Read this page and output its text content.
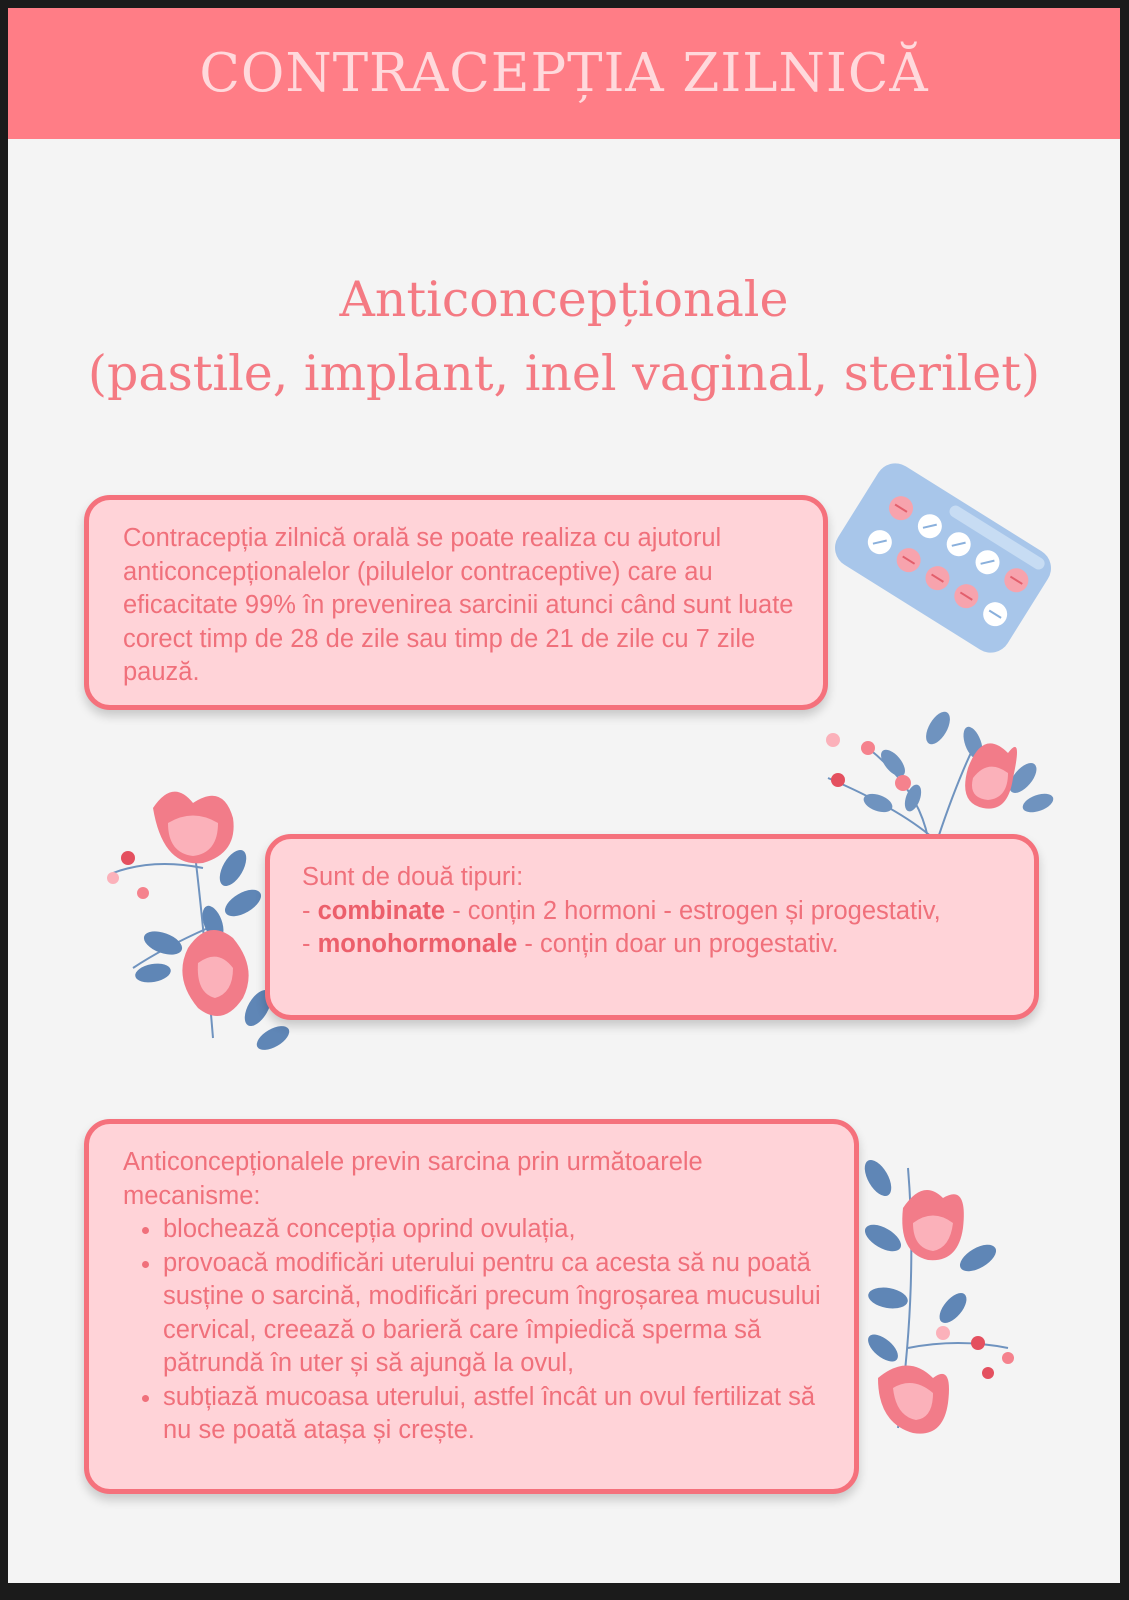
CONTRACEPȚIA ZILNICĂ
Anticoncepționale
(pastile, implant, inel vaginal, sterilet)

Contracepția zilnică orală se poate realiza cu ajutorul anticoncepționalelor (pilulelor contraceptive) care au eficacitate 99% în prevenirea sarcinii atunci când sunt luate corect timp de 28 de zile sau timp de 21 de zile cu 7 zile pauză.

Sunt de două tipuri:

- combinate - conțin 2 hormoni - estrogen și progestativ,

- monohormonale - conțin doar un progestativ.

Anticoncepționalele previn sarcina prin următoarele mecanisme:

• blochează concepția oprind ovulația,
• provoacă modificări uterului pentru ca acesta să nu poată susține o sarcină, modificări precum îngroșarea mucusului cervical, creează o barieră care împiedică sperma să pătrundă în uter și să ajungă la ovul,
• subțiază mucoasa uterului, astfel încât un ovul fertilizat să nu se poată atașa și crește.
